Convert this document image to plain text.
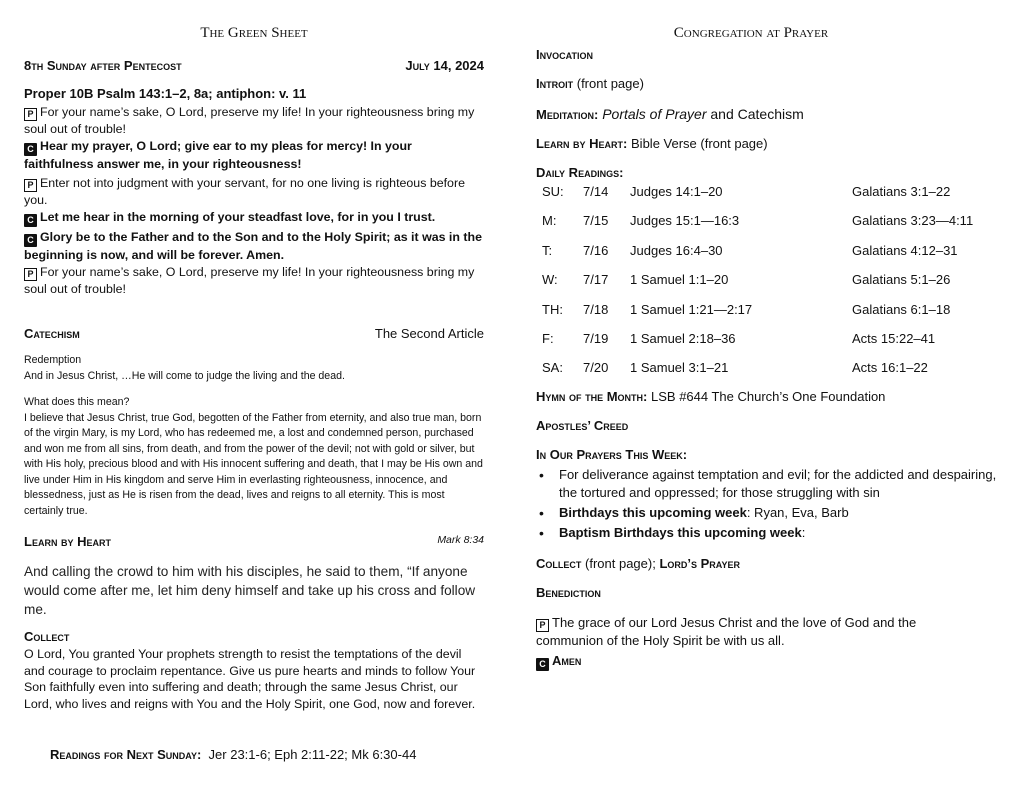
The Green Sheet
8th Sunday after Pentecost	July 14, 2024
Proper 10B Psalm 143:1–2, 8a; antiphon: v. 11
P For your name’s sake, O Lord, preserve my life! In your righteousness bring my soul out of trouble!
C Hear my prayer, O Lord; give ear to my pleas for mercy! In your faithfulness answer me, in your righteousness!
P Enter not into judgment with your servant, for no one living is righteous before you.
C Let me hear in the morning of your steadfast love, for in you I trust.
C Glory be to the Father and to the Son and to the Holy Spirit; as it was in the beginning is now, and will be forever. Amen.
P For your name’s sake, O Lord, preserve my life! In your righteousness bring my soul out of trouble!
Catechism	The Second Article
Redemption
And in Jesus Christ, …He will come to judge the living and the dead.
What does this mean?
I believe that Jesus Christ, true God, begotten of the Father from eternity, and also true man, born of the virgin Mary, is my Lord, who has redeemed me, a lost and condemned person, purchased and won me from all sins, from death, and from the power of the devil; not with gold or silver, but with His holy, precious blood and with His innocent suffering and death, that I may be His own and live under Him in His kingdom and serve Him in everlasting righteousness, innocence, and blessedness, just as He is risen from the dead, lives and reigns to all eternity. This is most certainly true.
Learn by Heart	Mark 8:34
And calling the crowd to him with his disciples, he said to them, “If anyone would come after me, let him deny himself and take up his cross and follow me.
Collect
O Lord, You granted Your prophets strength to resist the temptations of the devil and courage to proclaim repentance. Give us pure hearts and minds to follow Your Son faithfully even into suffering and death; through the same Jesus Christ, our Lord, who lives and reigns with You and the Holy Spirit, one God, now and forever.
Readings for Next Sunday: Jer 23:1-6; Eph 2:11-22; Mk 6:30-44
Congregation at Prayer
Invocation
Introit (front page)
Meditation: Portals of Prayer and Catechism
Learn by Heart: Bible Verse (front page)
Daily Readings:
SU: 7/14 Judges 14:1–20	Galatians 3:1–22
M: 7/15 Judges 15:1—16:3	Galatians 3:23—4:11
T: 7/16 Judges 16:4–30	Galatians 4:12–31
W: 7/17 1 Samuel 1:1–20	Galatians 5:1–26
TH: 7/18 1 Samuel 1:21—2:17	Galatians 6:1–18
F: 7/19 1 Samuel 2:18–36	Acts 15:22–41
SA: 7/20 1 Samuel 3:1–21	Acts 16:1–22
Hymn of the Month: LSB #644 The Church’s One Foundation
Apostles’ Creed
In Our Prayers This Week:
• For deliverance against temptation and evil; for the addicted and despairing, the tortured and oppressed; for those struggling with sin
• Birthdays this upcoming week: Ryan, Eva, Barb
• Baptism Birthdays this upcoming week:
Collect (front page); Lord’s Prayer
Benediction
P The grace of our Lord Jesus Christ and the love of God and the communion of the Holy Spirit be with us all.
C Amen
